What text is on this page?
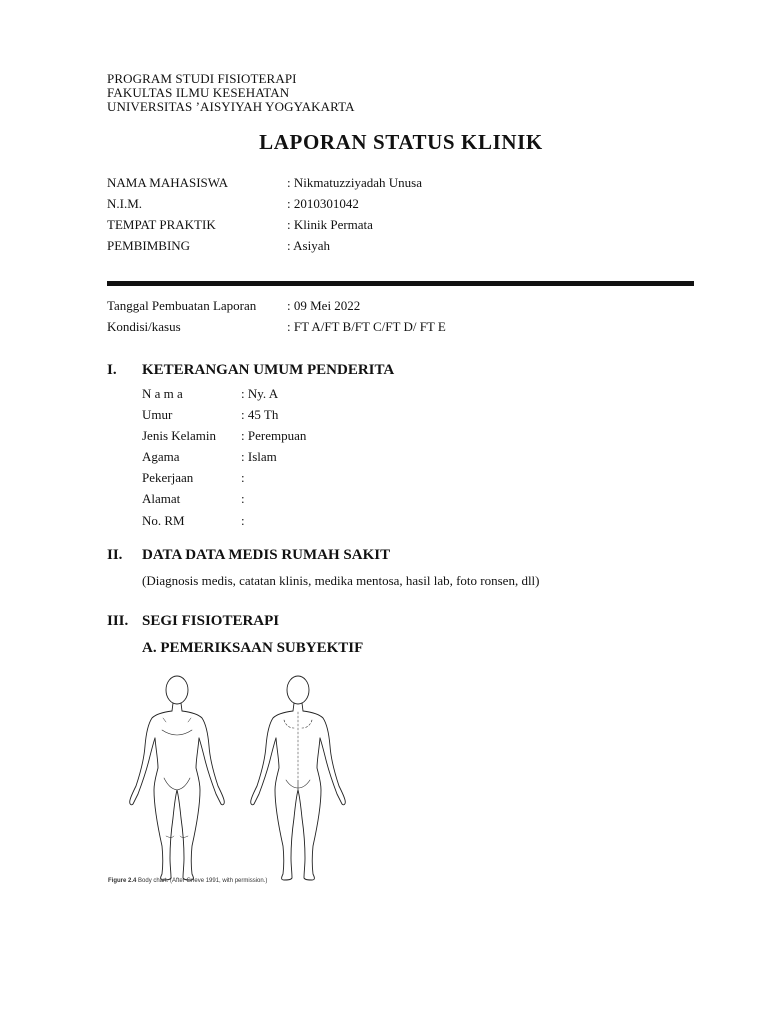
PROGRAM STUDI FISIOTERAPI
FAKULTAS ILMU KESEHATAN
UNIVERSITAS ’AISYIYAH YOGYAKARTA
LAPORAN STATUS KLINIK
NAMA MAHASISWA	: Nikmatuzziyadah Unusa
N.I.M.	: 2010301042
TEMPAT PRAKTIK	: Klinik Permata
PEMBIMBING	: Asiyah
Tanggal Pembuatan Laporan : 09 Mei 2022
Kondisi/kasus	: FT A/FT B/FT C/FT D/ FT E
I. KETERANGAN UMUM PENDERITA
N a m a	: Ny. A
Umur	: 45 Th
Jenis Kelamin : Perempuan
Agama	: Islam
Pekerjaan	:
Alamat	:
No. RM	:
II. DATA DATA MEDIS RUMAH SAKIT
(Diagnosis medis, catatan klinis, medika mentosa, hasil lab, foto ronsen, dll)
III. SEGI FISIOTERAPI
A. PEMERIKSAAN SUBYEKTIF
Figure 2.4 Body chart. (After Grieve 1991, with permission.)
